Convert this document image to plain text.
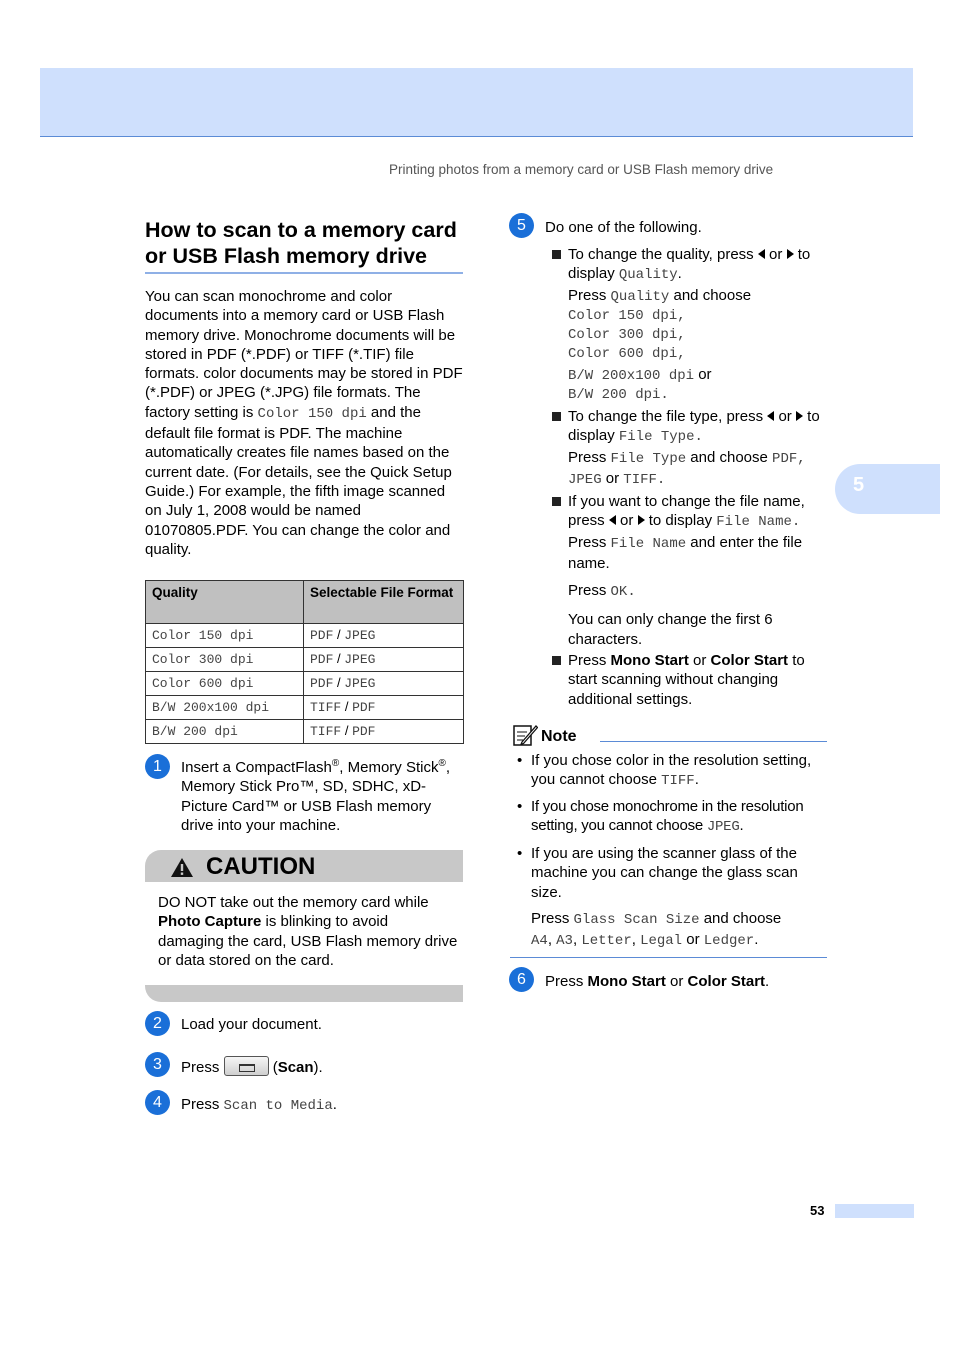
Printing photos from a memory card or USB Flash memory drive
5
How to scan to a memory card or USB Flash memory drive
You can scan monochrome and color documents into a memory card or USB Flash memory drive. Monochrome documents will be stored in PDF (*.PDF) or TIFF (*.TIF) file formats. color documents may be stored in PDF (*.PDF) or JPEG (*.JPG) file formats. The factory setting is Color 150 dpi and the default file format is PDF. The machine automatically creates file names based on the current date. (For details, see the Quick Setup Guide.) For example, the fifth image scanned on July 1, 2008 would be named 01070805.PDF. You can change the color and quality.
Quality	Selectable File Format
Color 150 dpi	PDF / JPEG
Color 300 dpi	PDF / JPEG
Color 600 dpi	PDF / JPEG
B/W 200x100 dpi	TIFF / PDF
B/W 200 dpi	TIFF / PDF
1	Insert a CompactFlash®, Memory Stick®, Memory Stick Pro™, SD, SDHC, xD-Picture Card™ or USB Flash memory drive into your machine.
CAUTION
DO NOT take out the memory card while Photo Capture is blinking to avoid damaging the card, USB Flash memory drive or data stored on the card.
2	Load your document.
3	Press	(Scan).
4	Press Scan to Media.
5	Do one of the following.
To change the quality, press or to display Quality.
Press Quality and choose
Color 150 dpi,
Color 300 dpi,
Color 600 dpi,
B/W 200x100 dpi or
B/W 200 dpi.
To change the file type, press or to display File Type.
Press File Type and choose PDF,
JPEG or TIFF.
If you want to change the file name, press or to display File Name.
Press File Name and enter the file name.
Press OK.
You can only change the first 6 characters.
Press Mono Start or Color Start to start scanning without changing additional settings.
Note
• If you chose color in the resolution setting, you cannot choose TIFF.
• If you chose monochrome in the resolution setting, you cannot choose JPEG.
• If you are using the scanner glass of the machine you can change the glass scan size.
Press Glass Scan Size and choose
A4, A3, Letter, Legal or Ledger.
6	Press Mono Start or Color Start.
53
